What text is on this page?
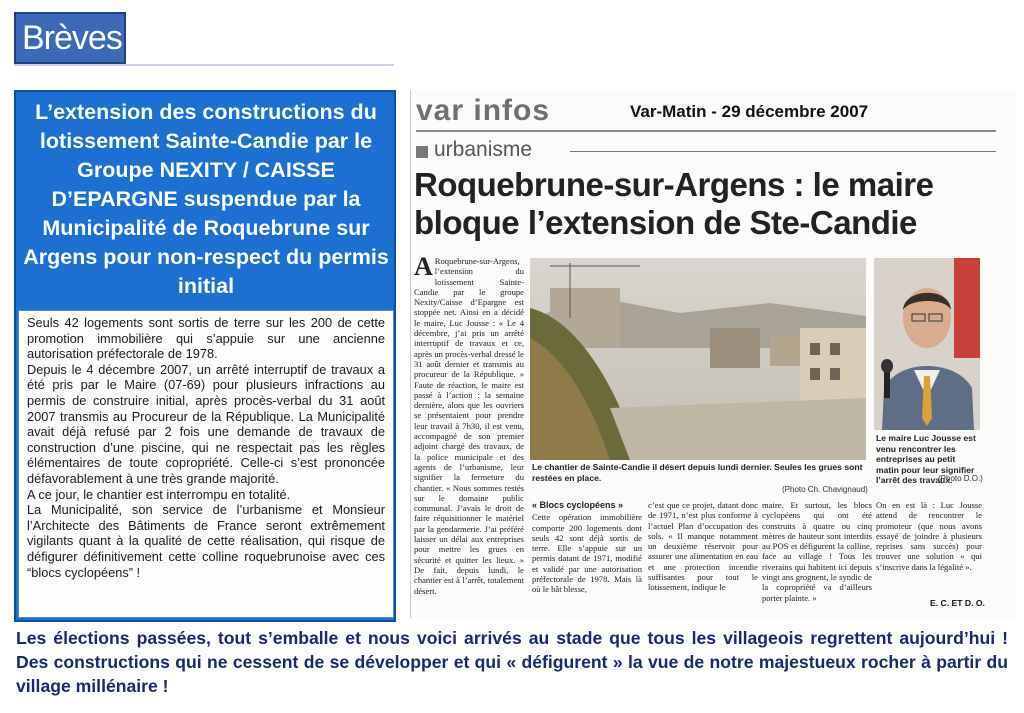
Brèves
L’extension des constructions du lotissement Sainte-Candie par le Groupe NEXITY / CAISSE D’EPARGNE suspendue par la Municipalité de Roquebrune sur Argens pour non-respect du permis initial

Seuls 42 logements sont sortis de terre sur les 200 de cette promotion immobilière qui s’appuie sur une ancienne autorisation préfectorale de 1978.

Depuis le 4 décembre 2007, un arrêté interruptif de travaux a été pris par le Maire (07-69) pour plusieurs infractions au permis de construire initial, après procès-verbal du 31 août 2007 transmis au Procureur de la République. La Municipalité avait déjà refusé par 2 fois une demande de travaux de construction d’une piscine, qui ne respectait pas les règles élémentaires de toute copropriété. Celle-ci s’est prononcée défavorablement à une très grande majorité.

A ce jour, le chantier est interrompu en totalité.

La Municipalité, son service de l’urbanisme et Monsieur l’Architecte des Bâtiments de France seront extrêmement vigilants quant à la qualité de cette réalisation, qui risque de défigurer définitivement cette colline roquebrunoise avec ces “blocs cyclopéens” !

var infos	Var-Matin - 29 décembre 2007
urbanisme
Roquebrune-sur-Argens : le maire bloque l’extension de Ste-Candie
A Roquebrune-sur-Argens, l’extension du lotissement Sainte-Candie par le groupe Nexity/Caisse d’Epargne est stoppée net. Ainsi en a décidé le maire, Luc Jousse : « Le 4 décembre, j’ai pris un arrêté interruptif de travaux et ce, après un procès-verbal dressé le 31 août dernier et transmis au procureur de la République. » Faute de réaction, le maire est passé à l’action : la semaine dernière, alors que les ouvriers se présentaient pour prendre leur travail à 7h30, il est venu, accompagné de son premier adjoint chargé des travaux, de la police municipale et des agents de l’urbanisme, leur signifier la fermeture du chantier. « Nous sommes restés sur le domaine public communal. J’avais le droit de faire réquisitionner le matériel par la gendarmerie. J’ai préféré laisser un délai aux entreprises pour mettre les grues en sécurité et quitter les lieux. » De fait, depuis lundi, le chantier est à l’arrêt, totalement désert.
Le chantier de Sainte-Candie il désert depuis lundi dernier. Seules les grues sont restées en place.
(Photo Ch. Chavignaud)
Le maire Luc Jousse est venu rencontrer les entreprises au petit matin pour leur signifier l’arrêt des travaux.
(Photo D.O.)
« Blocs cyclopéens »
Cette opération immobilière comporte 200 logements dont seuls 42 sont déjà sortis de terre. Elle s’appuie sur un permis datant de 1971, modifié et validé par une autorisation préfectorale de 1978. Mais là où le bât blesse,
c’est que ce projet, datant donc de 1971, n’est plus conforme à l’actuel Plan d’occupation des sols. « Il manque notamment un deuxième réservoir pour assurer une alimentation en eau et une protection incendie suffisantes pour tout le lotissement, indique le
maire. Et surtout, les blocs cyclopéens qui ont été construits à quatre ou cinq mètres de hauteur sont interdits au POS et défigurent la colline, face au village ! Tous les riverains qui habitent ici depuis vingt ans grognent, le syndic de la copropriété va d’ailleurs porter plainte. »
On en est là : Luc Jousse attend de rencontrer le promoteur (que nous avons essayé de joindre à plusieurs reprises sans succès) pour trouver une solution « qui s’inscrive dans la légalité ».
E. C. ET D. O.
Les élections passées, tout s’emballe et nous voici arrivés au stade que tous les villageois regrettent aujourd’hui ! Des constructions qui ne cessent de se développer et qui « défigurent » la vue de notre majestueux rocher à partir du village millénaire !
